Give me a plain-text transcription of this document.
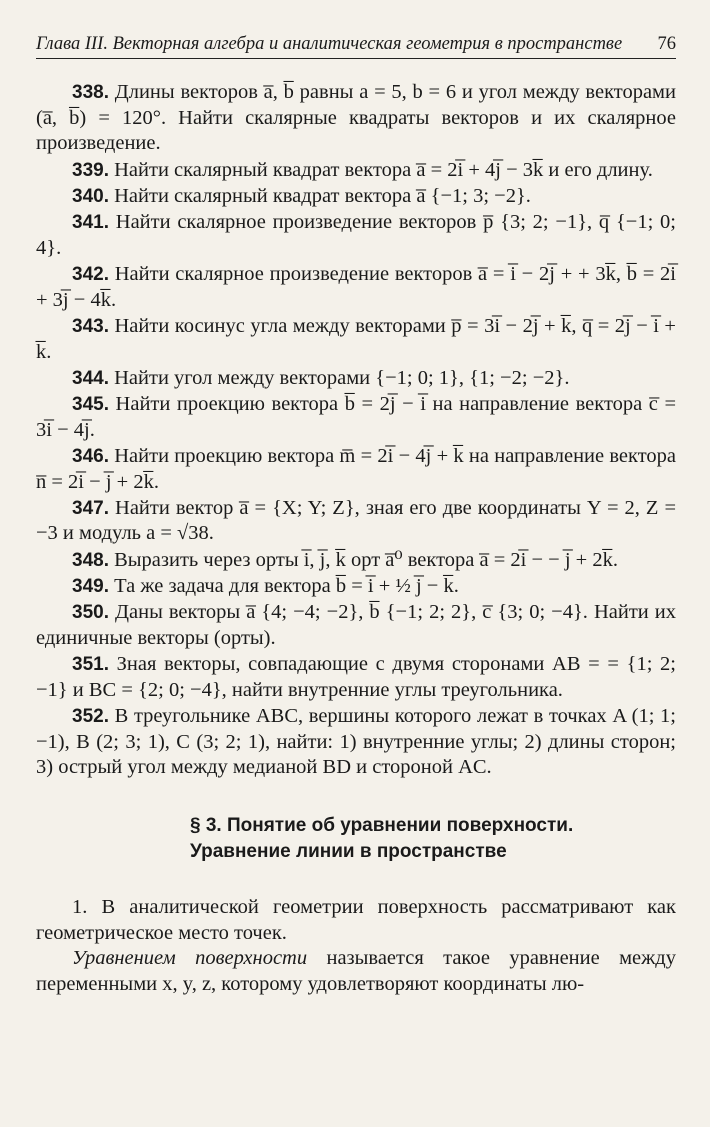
Глава III. Векторная алгебра и аналитическая геометрия в пространстве 76

338. Длины векторов a̅, b̅ равны a = 5, b = 6 и угол между векторами (a̅, b̅) = 120°. Найти скалярные квадраты векторов и их скалярное произведение.

339. Найти скалярный квадрат вектора a̅ = 2i̅ + 4j̅ − 3k̅ и его длину.

340. Найти скалярный квадрат вектора a̅ {−1; 3; −2}.

341. Найти скалярное произведение векторов p̅ {3; 2; −1}, q̅ {−1; 0; 4}.

342. Найти скалярное произведение векторов a̅ = i̅ − 2j̅ + + 3k̅, b̅ = 2i̅ + 3j̅ − 4k̅.

343. Найти косинус угла между векторами p̅ = 3i̅ − 2j̅ + k̅, q̅ = 2j̅ − i̅ + k̅.

344. Найти угол между векторами {−1; 0; 1}, {1; −2; −2}.

345. Найти проекцию вектора b̅ = 2j̅ − i̅ на направление вектора c̅ = 3i̅ − 4j̅.

346. Найти проекцию вектора m̅ = 2i̅ − 4j̅ + k̅ на направление вектора n̅ = 2i̅ − j̅ + 2k̅.

347. Найти вектор a̅ = {X; Y; Z}, зная его две координаты Y = 2, Z = −3 и модуль a = √38.

348. Выразить через орты i̅, j̅, k̅ орт a̅⁰ вектора a̅ = 2i̅ − − j̅ + 2k̅.

349. Та же задача для вектора b̅ = i̅ + ½ j̅ − k̅.

350. Даны векторы a̅ {4; −4; −2}, b̅ {−1; 2; 2}, c̅ {3; 0; −4}. Найти их единичные векторы (орты).

351. Зная векторы, совпадающие с двумя сторонами AB = = {1; 2; −1} и BC = {2; 0; −4}, найти внутренние углы треугольника.

352. В треугольнике ABC, вершины которого лежат в точках A (1; 1; −1), B (2; 3; 1), C (3; 2; 1), найти: 1) внутренние углы; 2) длины сторон; 3) острый угол между медианой BD и стороной AC.

§ 3. Понятие об уравнении поверхности.
Уравнение линии в пространстве

1. В аналитической геометрии поверхность рассматривают как геометрическое место точек.

Уравнением поверхности называется такое уравнение между переменными x, y, z, которому удовлетворяют координаты лю-
